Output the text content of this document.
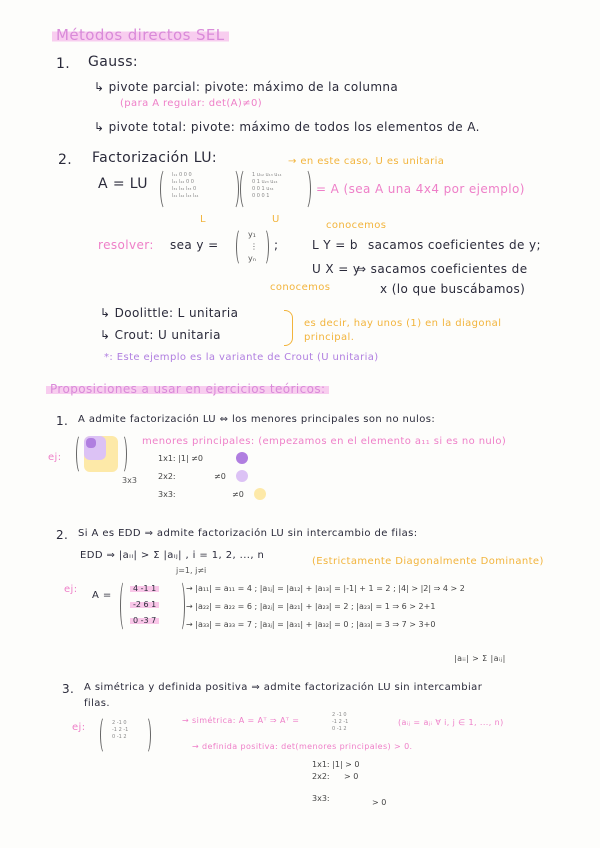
Métodos directos SEL
1. Gauss:
↳ pivote parcial: pivote: máximo de la columna
(para A regular: det(A)≠0)
↳ pivote total: pivote: máximo de todos los elementos de A.
2. Factorización LU:	→ en este caso, U es unitaria
A = LU
l₁₁ 0 0 0
l₂₁ l₂₂ 0 0
l₃₁ l₃₂ l₃₃ 0
l₄₁ l₄₂ l₄₃ l₄₄
L
1 u₁₂ u₁₃ u₁₄
0 1 u₂₃ u₂₄
0 0 1 u₃₄
0 0 0 1
U
= A (sea A una 4x4 por ejemplo)
conocemos
resolver: sea y =
y₁
⋮
yₙ
;	L Y = b sacamos coeficientes de y;
U X = y
⇒ sacamos coeficientes de
x (lo que buscábamos)
conocemos
↳ Doolittle: L unitaria
↳ Crout: U unitaria
es decir, hay unos (1) en la diagonal
principal.
*: Este ejemplo es la variante de Crout (U unitaria)
Proposiciones a usar en ejercicios teóricos:
1. A admite factorización LU ⇔ los menores principales son no nulos:
ej:
3x3
menores principales: (empezamos en el elemento a₁₁ si es no nulo)
1x1: |1| ≠0
2x2:	≠0
3x3:	≠0
2. Si A es EDD ⇒ admite factorización LU sin intercambio de filas:
EDD ⇒ |aᵢᵢ| > Σ |aᵢⱼ| , i = 1, 2, ..., n
j=1, j≠i
(Estrictamente Diagonalmente Dominante)
ej:
A =
4 -1 1
-2 6 1
0 -3 7
→ |a₁₁| = a₁₁ = 4 ; |a₁ⱼ| = |a₁₂| + |a₁₃| = |-1| + 1 = 2 ; |4| > |2| ⇒ 4 > 2
→ |a₂₂| = a₂₂ = 6 ; |a₂ⱼ| = |a₂₁| + |a₂₃| = 2 ; |a₂₃| = 1 ⇒ 6 > 2+1
→ |a₃₃| = a₃₃ = 7 ; |a₃ⱼ| = |a₃₁| + |a₃₂| = 0 ; |a₃₃| = 3 ⇒ 7 > 3+0
|aᵢᵢ| > Σ |aᵢⱼ|
3. A simétrica y definida positiva ⇒ admite factorización LU sin intercambiar
filas.
ej:	2 -1 0
-1 2 -1
0 -1 2
→ simétrica: A = Aᵀ ⇒ Aᵀ =
2 -1 0
-1 2 -1
0 -1 2
(aᵢⱼ = aⱼᵢ ∀ i, j ∈ 1, ..., n)
→ definida positiva: det(menores principales) > 0.
1x1: |1| > 0
2x2: > 0
3x3:	> 0
